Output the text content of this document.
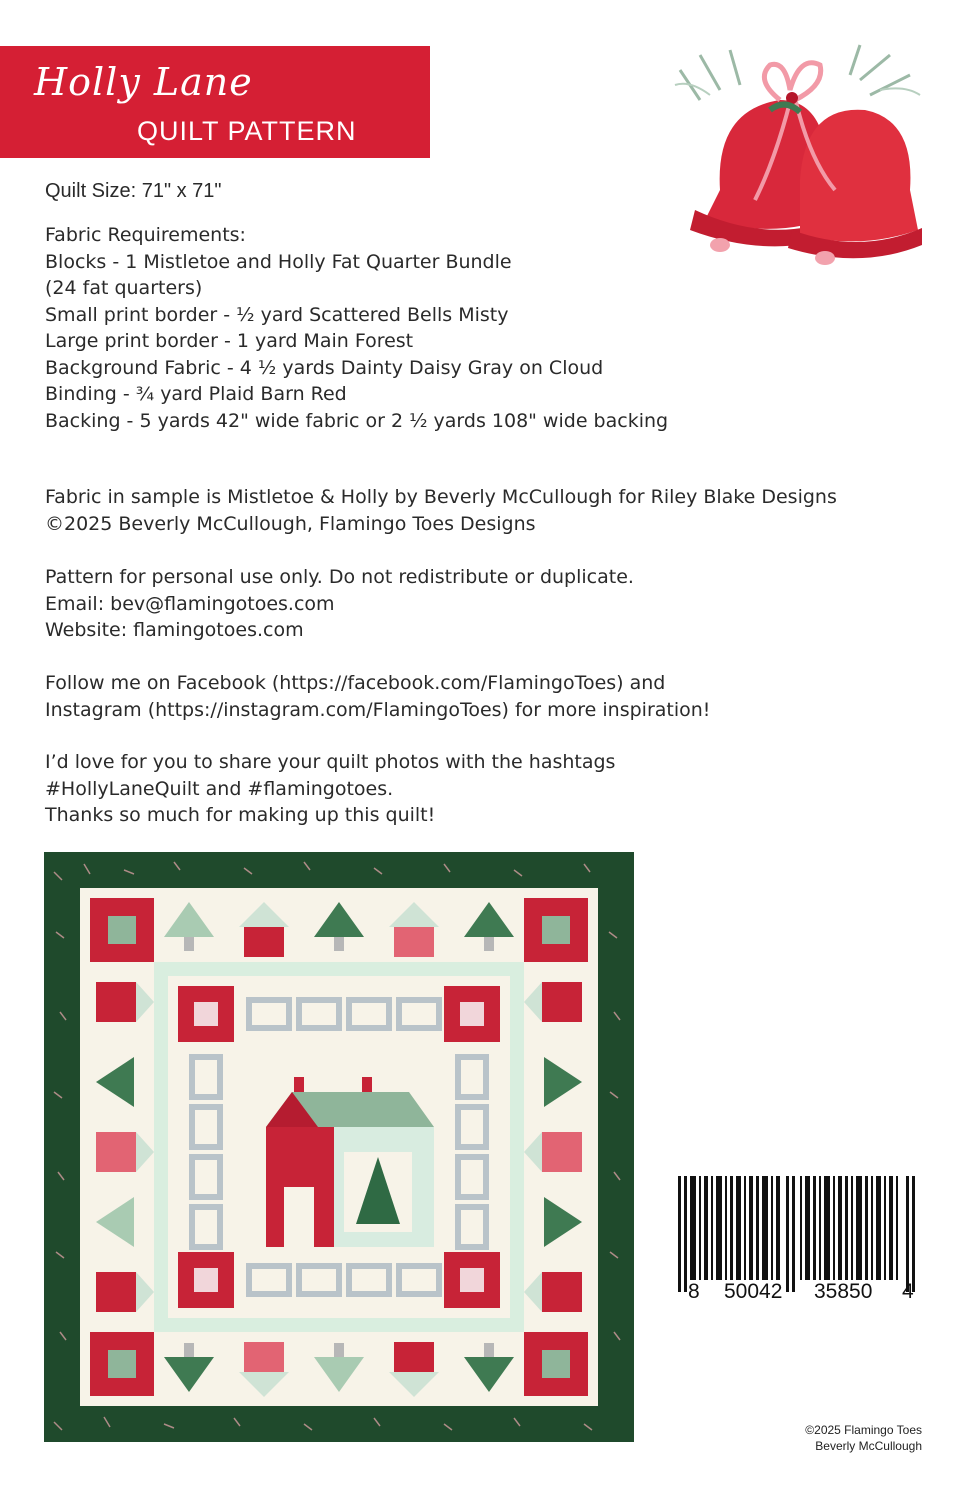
Holly Lane
QUILT PATTERN
Quilt Size: 71" x 71"
Fabric Requirements:
Blocks - 1 Mistletoe and Holly Fat Quarter Bundle
(24 fat quarters)
Small print border - ½ yard Scattered Bells Misty
Large print border - 1 yard Main Forest
Background Fabric - 4 ½ yards Dainty Daisy Gray on Cloud
Binding - ¾ yard Plaid Barn Red
Backing - 5 yards 42" wide fabric or 2 ½ yards 108" wide backing
Fabric in sample is Mistletoe & Holly by Beverly McCullough for Riley Blake Designs
©2025 Beverly McCullough, Flamingo Toes Designs
Pattern for personal use only. Do not redistribute or duplicate.
Email: bev@flamingotoes.com
Website: flamingotoes.com
Follow me on Facebook (https://facebook.com/FlamingoToes) and
Instagram (https://instagram.com/FlamingoToes) for more inspiration!
I’d love for you to share your quilt photos with the hashtags
#HollyLaneQuilt and #flamingotoes.
Thanks so much for making up this quilt!
8 50042 35850 4
©2025 Flamingo Toes
Beverly McCullough
